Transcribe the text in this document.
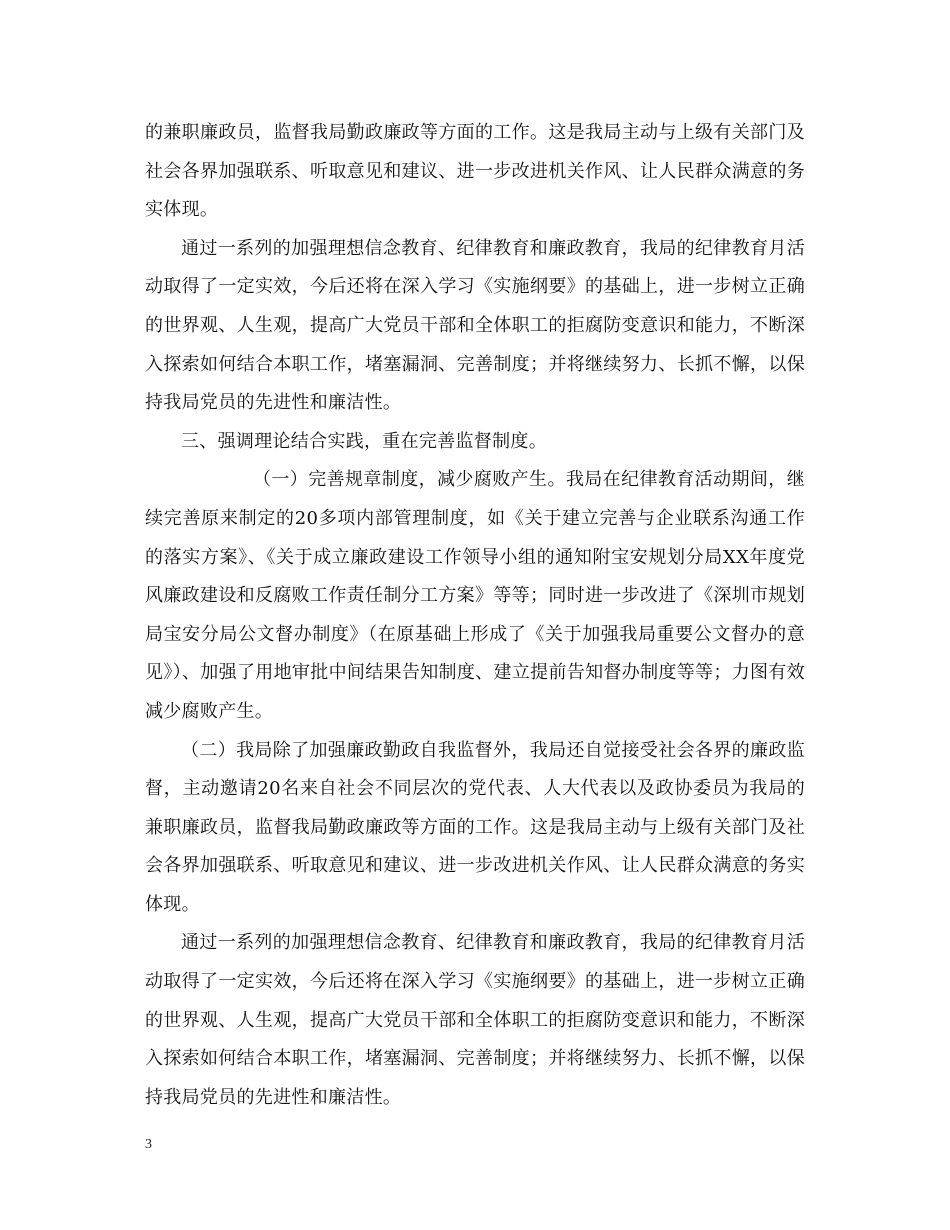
的兼职廉政员，监督我局勤政廉政等方面的工作。这是我局主动与上级有关部门及社会各界加强联系、听取意见和建议、进一步改进机关作风、让人民群众满意的务实体现。

通过一系列的加强理想信念教育、纪律教育和廉政教育，我局的纪律教育月活动取得了一定实效，今后还将在深入学习《实施纲要》的基础上，进一步树立正确的世界观、人生观，提高广大党员干部和全体职工的拒腐防变意识和能力，不断深入探索如何结合本职工作，堵塞漏洞、完善制度；并将继续努力、长抓不懈，以保持我局党员的先进性和廉洁性。

三、强调理论结合实践，重在完善监督制度。

（一）完善规章制度，减少腐败产生。我局在纪律教育活动期间，继续完善原来制定的20多项内部管理制度，如《关于建立完善与企业联系沟通工作的落实方案》、《关于成立廉政建设工作领导小组的通知附宝安规划分局XX年度党风廉政建设和反腐败工作责任制分工方案》等等；同时进一步改进了《深圳市规划局宝安分局公文督办制度》（在原基础上形成了《关于加强我局重要公文督办的意见》）、加强了用地审批中间结果告知制度、建立提前告知督办制度等等；力图有效减少腐败产生。

（二）我局除了加强廉政勤政自我监督外，我局还自觉接受社会各界的廉政监督，主动邀请20名来自社会不同层次的党代表、人大代表以及政协委员为我局的兼职廉政员，监督我局勤政廉政等方面的工作。这是我局主动与上级有关部门及社会各界加强联系、听取意见和建议、进一步改进机关作风、让人民群众满意的务实体现。

通过一系列的加强理想信念教育、纪律教育和廉政教育，我局的纪律教育月活动取得了一定实效，今后还将在深入学习《实施纲要》的基础上，进一步树立正确的世界观、人生观，提高广大党员干部和全体职工的拒腐防变意识和能力，不断深入探索如何结合本职工作，堵塞漏洞、完善制度；并将继续努力、长抓不懈，以保持我局党员的先进性和廉洁性。

3
